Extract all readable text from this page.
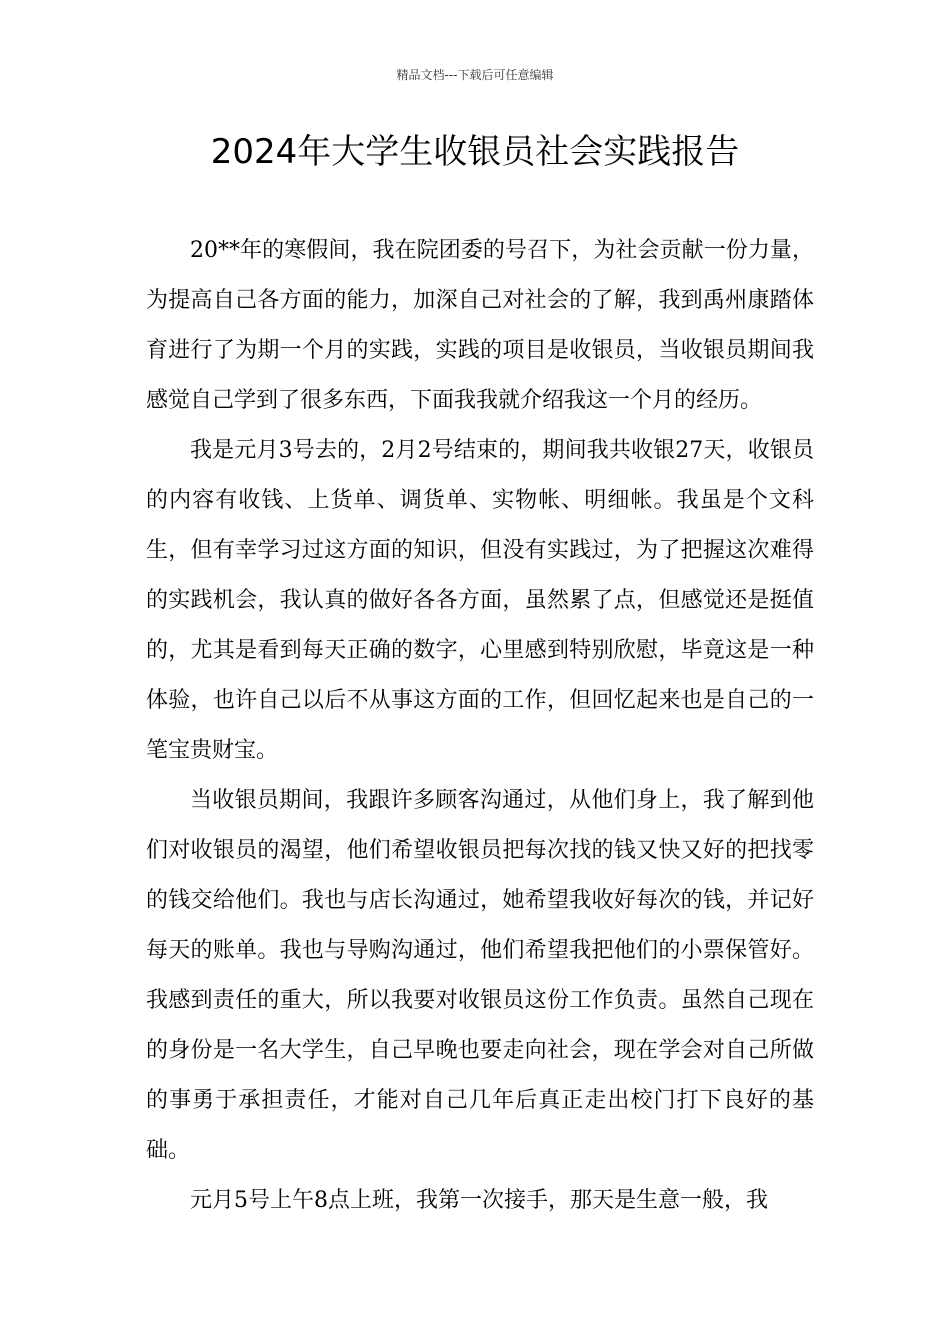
精品文档---下载后可任意编辑
2024年大学生收银员社会实践报告

20**年的寒假间，我在院团委的号召下，为社会贡献一份力量，为提高自己各方面的能力，加深自己对社会的了解，我到禹州康踏体育进行了为期一个月的实践，实践的项目是收银员，当收银员期间我感觉自己学到了很多东西，下面我我就介绍我这一个月的经历。

我是元月3号去的，2月2号结束的，期间我共收银27天，收银员的内容有收钱、上货单、调货单、实物帐、明细帐。我虽是个文科生，但有幸学习过这方面的知识，但没有实践过，为了把握这次难得的实践机会，我认真的做好各各方面，虽然累了点，但感觉还是挺值的，尤其是看到每天正确的数字，心里感到特别欣慰，毕竟这是一种体验，也许自己以后不从事这方面的工作，但回忆起来也是自己的一笔宝贵财宝。

当收银员期间，我跟许多顾客沟通过，从他们身上，我了解到他们对收银员的渴望，他们希望收银员把每次找的钱又快又好的把找零的钱交给他们。我也与店长沟通过，她希望我收好每次的钱，并记好每天的账单。我也与导购沟通过，他们希望我把他们的小票保管好。我感到责任的重大，所以我要对收银员这份工作负责。虽然自己现在的身份是一名大学生，自己早晚也要走向社会，现在学会对自己所做的事勇于承担责任，才能对自己几年后真正走出校门打下良好的基础。

元月5号上午8点上班，我第一次接手，那天是生意一般，我
